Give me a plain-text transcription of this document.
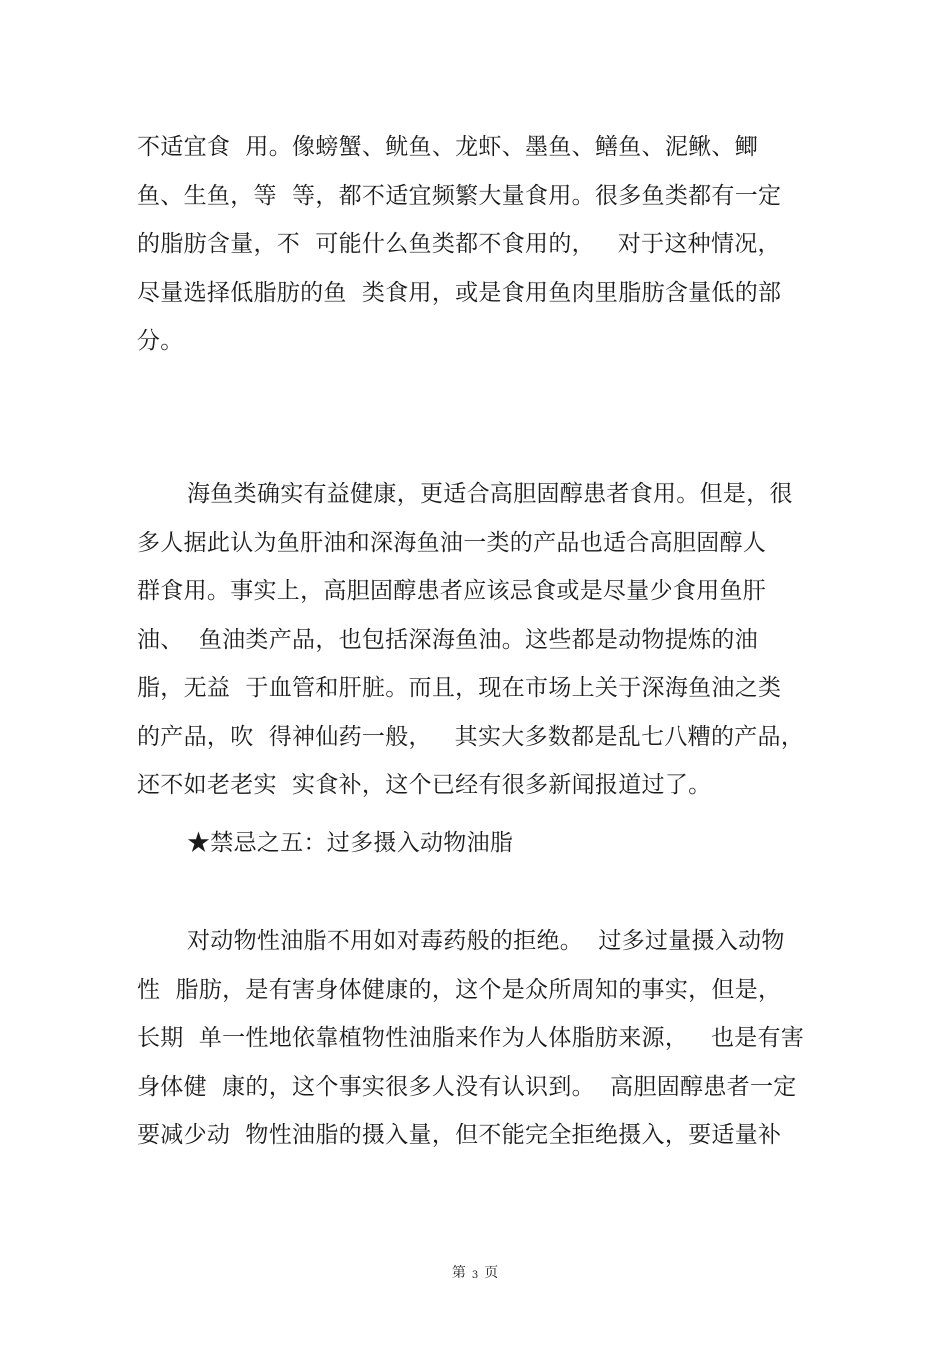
不适宜食  用。像螃蟹、鱿鱼、龙虾、墨鱼、鳝鱼、泥鳅、鲫
鱼、生鱼，等  等，都不适宜频繁大量食用。很多鱼类都有一定
的脂肪含量，不  可能什么鱼类都不食用的，   对于这种情况，
尽量选择低脂肪的鱼  类食用，或是食用鱼肉里脂肪含量低的部
分。
海鱼类确实有益健康，更适合高胆固醇患者食用。但是，很
多人据此认为鱼肝油和深海鱼油一类的产品也适合高胆固醇人
群食用。事实上，高胆固醇患者应该忌食或是尽量少食用鱼肝
油、  鱼油类产品，也包括深海鱼油。这些都是动物提炼的油
脂，无益  于血管和肝脏。而且，现在市场上关于深海鱼油之类
的产品，吹  得神仙药一般，   其实大多数都是乱七八糟的产品，
还不如老老实  实食补，这个已经有很多新闻报道过了。
★禁忌之五：过多摄入动物油脂
对动物性油脂不用如对毒药般的拒绝。  过多过量摄入动物
性  脂肪，是有害身体健康的，这个是众所周知的事实，但是，
长期  单一性地依靠植物性油脂来作为人体脂肪来源，   也是有害
身体健  康的，这个事实很多人没有认识到。  高胆固醇患者一定
要减少动  物性油脂的摄入量，但不能完全拒绝摄入，要适量补
第 3 页
